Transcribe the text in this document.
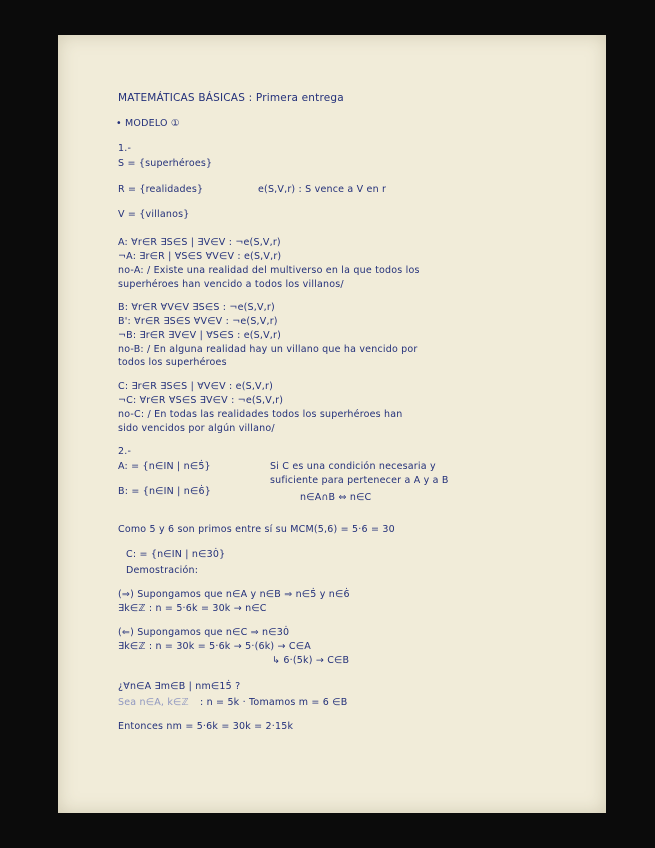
MATEMÁTICAS BÁSICAS : Primera entrega
• MODELO ①
1.-
S = {superhéroes}
R = {realidades}	e(S,V,r) : S vence a V en r
V = {villanos}
A: ∀r∈R ∃S∈S | ∃V∈V : ¬e(S,V,r)
¬A: ∃r∈R | ∀S∈S ∀V∈V : e(S,V,r)
no-A: / Existe una realidad del multiverso en la que todos los
superhéroes han vencido a todos los villanos/
B: ∀r∈R ∀V∈V ∃S∈S : ¬e(S,V,r)
B': ∀r∈R ∃S∈S ∀V∈V : ¬e(S,V,r)
¬B: ∃r∈R ∃V∈V | ∀S∈S : e(S,V,r)
no-B: / En alguna realidad hay un villano que ha vencido por
todos los superhéroes
C: ∃r∈R ∃S∈S | ∀V∈V : e(S,V,r)
¬C: ∀r∈R ∀S∈S ∃V∈V : ¬e(S,V,r)
no-C: / En todas las realidades todos los superhéroes han
sido vencidos por algún villano/
2.-
A: = {n∈IN | n∈5̇}
B: = {n∈IN | n∈6̇}
Si C es una condición necesaria y
suficiente para pertenecer a A y a B
n∈A∩B ⇔ n∈C
Como 5 y 6 son primos entre sí su MCM(5,6) = 5·6 = 30
C: = {n∈IN | n∈30̇}
Demostración:
(⇒) Supongamos que n∈A y n∈B ⇒ n∈5̇ y n∈6̇
∃k∈ℤ : n = 5·6k = 30k → n∈C
(⇐) Supongamos que n∈C ⇒ n∈30̇
∃k∈ℤ : n = 30k = 5·6k → 5·(6k) → C∈A
↳ 6·(5k) → C∈B
¿∀n∈A ∃m∈B | nm∈15̇ ?
Sea n∈A, k∈ℤ : n = 5k · Tomamos m = 6 ∈B
Entonces nm = 5·6k = 30k = 2·15k
